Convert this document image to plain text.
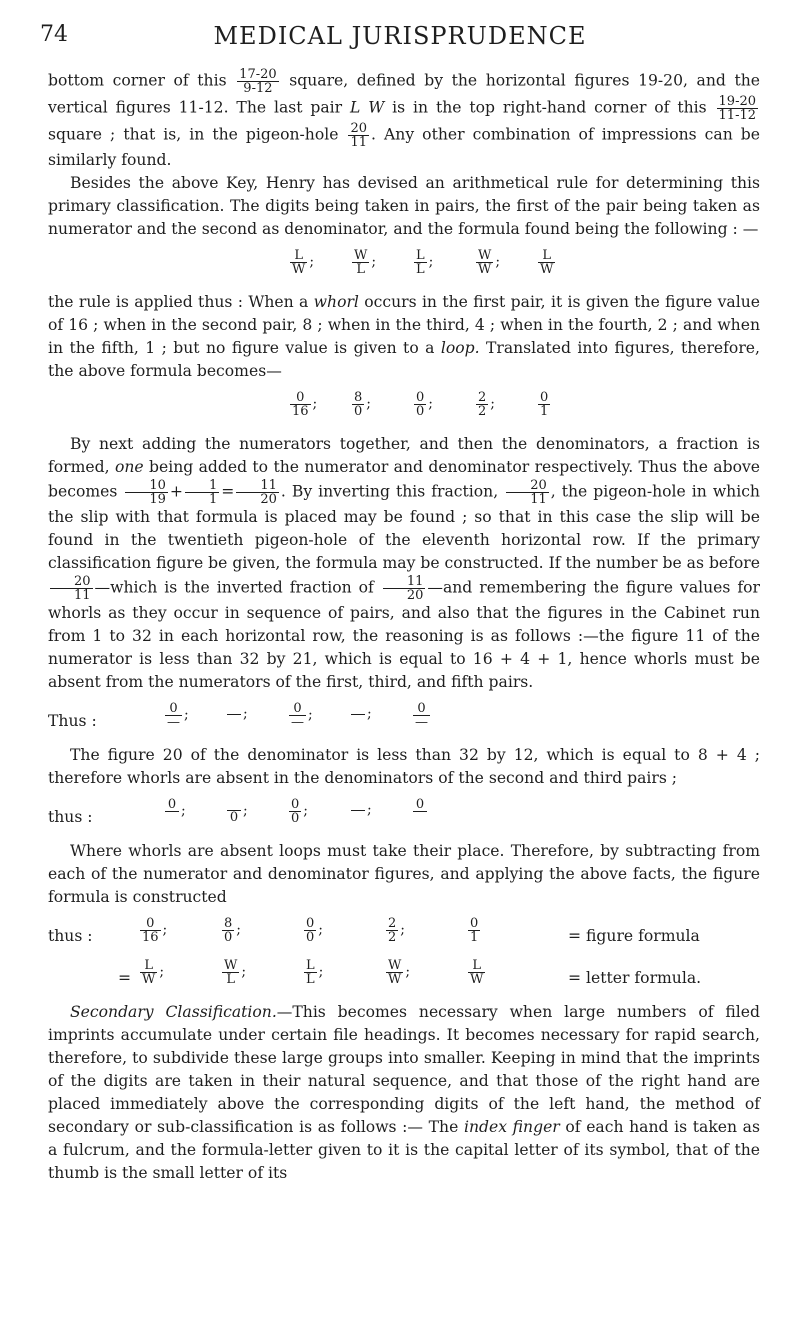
74	MEDICAL JURISPRUDENCE

bottom corner of this $\frac{17-20}{9-12}$ square, defined by the horizontal figures 19-20, and the vertical figures 11-12. The last pair L W is in the top right-hand corner of this $\frac{19-20}{11-12}$
square ; that is, in the pigeon-hole $\frac{20}{11}$ . Any other combination of impressions can be similarly found.

Besides the above Key, Henry has devised an arithmetical rule for determining this primary classification. The digits being taken in pairs, the first of the pair being taken as numerator and the second as denominator, and the formula found being the following : —

$\frac{L}{W}$ ;	$\frac{W}{L}$ ;	$\frac{L}{L}$ ;	$\frac{W}{W}$ ;	$\frac{L}{W}$

the rule is applied thus : When a whorl occurs in the first pair, it is given the figure value of 16 ; when in the second pair, 8 ; when in the third, 4 ; when in the fourth, 2 ; and when in the fifth, 1 ; but no figure value is given to a loop. Translated into figures, therefore, the above formula becomes—

$\frac{0}{16}$ ;	$\frac{8}{0}$ ;	$\frac{0}{0}$ ;	$\frac{2}{2}$ ;	$\frac{0}{1}$

By next adding the numerators together, and then the denominators, a fraction is formed, one being added to the numerator and denominator respectively. Thus the above becomes $\frac{10}{19} + \frac{1}{1} = \frac{11}{20}$ . By inverting this fraction, $\frac{20}{11}$ , the pigeon-hole in which the slip with that formula is placed may be found ; so that in this case the slip will be found in the twentieth pigeon-hole of the eleventh horizontal row. If the primary classification figure be given, the formula may be constructed. If the number be as before
$\frac{20}{11}$ —which is the inverted fraction of $\frac{11}{20}$ —and remembering the figure values for whorls as they occur in sequence of pairs, and also that the figures in the Cabinet run from 1 to 32 in each horizontal row, the reasoning is as follows :—the figure 11 of the numerator is less than 32 by 21, which is equal to 16 + 4 + 1, hence whorls must be absent from the numerators of the first, third, and fifth pairs.

Thus :	$\frac{0}{—}$ ;	;	$\frac{0}{—}$ ;	;	$\frac{0}{—}$

The figure 20 of the denominator is less than 32 by 12, which is equal to 8 + 4 ; therefore whorls are absent in the denominators of the second and third pairs ;

thus :
0 ;	0 ;	$\frac{0}{0}$ ;	;	0

Where whorls are absent loops must take their place. Therefore, by subtracting from each of the numerator and denominator figures, and applying the above facts, the figure formula is constructed

thus :	= figure formula
$\frac{0}{16}$ ;	$\frac{8}{0}$ ;	$\frac{0}{0}$ ;	$\frac{2}{2}$ ;	$\frac{0}{1}$
=	= letter formula.
$\frac{L}{W}$ ;	$\frac{W}{L}$ ;	$\frac{L}{L}$ ;	$\frac{W}{W}$ ;	$\frac{L}{W}$

Secondary Classification.—This becomes necessary when large numbers of filed imprints accumulate under certain file headings. It becomes necessary for rapid search, therefore, to subdivide these large groups into smaller. Keeping in mind that the imprints of the digits are taken in their natural sequence, and that those of the right hand are placed immediately above the corresponding digits of the left hand, the method of secondary or sub-classification is as follows :— The index finger of each hand is taken as a fulcrum, and the formula-letter given to it is the capital letter of its symbol, that of the thumb is the small letter of its
